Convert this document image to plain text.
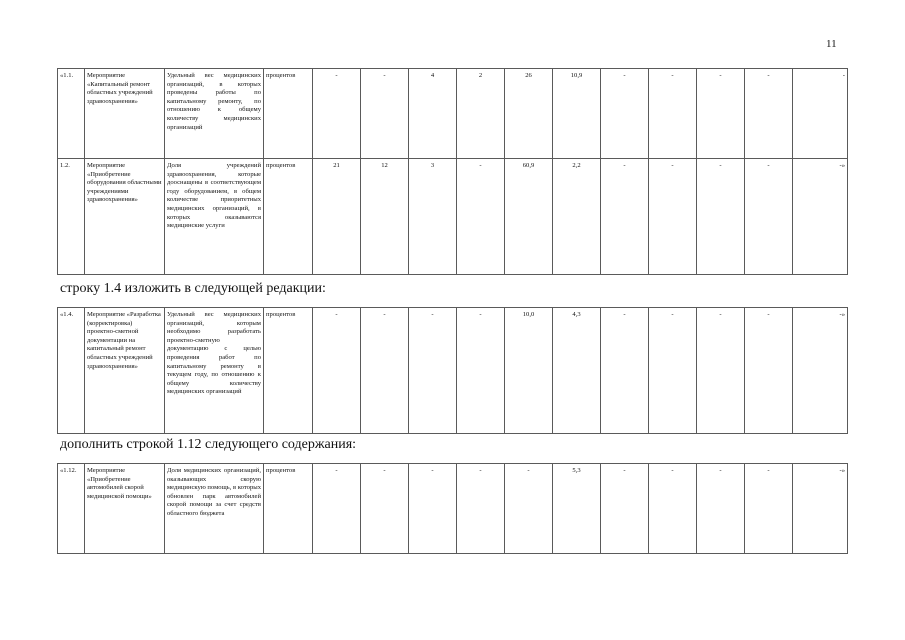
11
«1.1.	Мероприятие «Капитальный ремонт областных учреждений здравоохранения»	Удельный вес медицинских организаций, в которых проведены работы по капитальному ремонту, по отношению к общему количеству медицинских организаций	процентов	-	-	4	2	26	10,9	-	-	-	-	-
1.2.	Мероприятие «Приобретение оборудования областными учреждениями здравоохранения»	Доля учреждений здравоохранения, которые дооснащены в соответствующем году оборудованием, в общем количестве приоритетных медицинских организаций, в которых оказываются медицинские услуги	процентов	21	12	3	-	60,9	2,2	-	-	-	-	-»
строку 1.4 изложить в следующей редакции:
«1.4.	Мероприятие «Разработка (корректировка) проектно-сметной документации на капитальный ремонт областных учреждений здравоохранения»	Удельный вес медицинских организаций, которым необходимо разработать проектно-сметную документацию с целью проведения работ по капитальному ремонту в текущем году, по отношению к общему количеству медицинских организаций	процентов	-	-	-	-	10,0	4,3	-	-	-	-	-»
дополнить строкой 1.12 следующего содержания:
«1.12.	Мероприятие «Приобретение автомобилей скорой медицинской помощи»	Доля медицинских организаций, оказывающих скорую медицинскую помощь, в которых обновлен парк автомобилей скорой помощи за счет средств областного бюджета	процентов	-	-	-	-	-	5,3	-	-	-	-	-»
